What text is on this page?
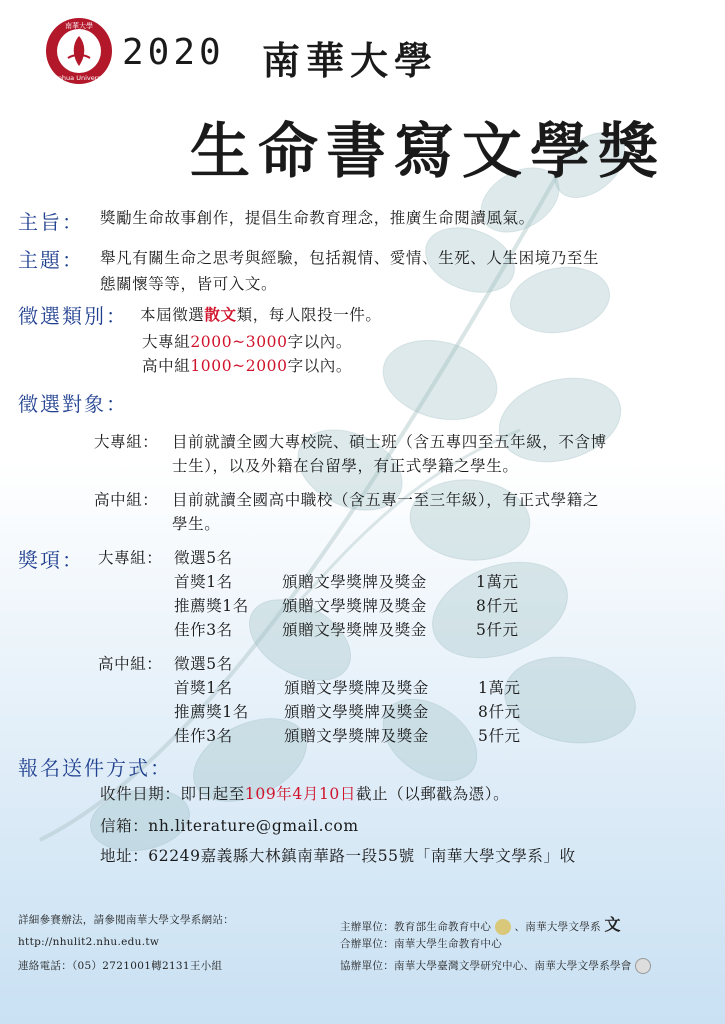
南華大學
Nanhua University
2020 南華大學
生命書寫文學獎
主旨： 獎勵生命故事創作，提倡生命教育理念，推廣生命閱讀風氣。
主題： 舉凡有關生命之思考與經驗，包括親情、愛情、生死、人生困境乃至生
態關懷等等，皆可入文。
徵選類別： 本屆徵選散文類，每人限投一件。
大專組2000~3000字以內。
高中組1000~2000字以內。
徵選對象：
大專組： 目前就讀全國大專校院、碩士班（含五專四至五年級，不含博
士生），以及外籍在台留學，有正式學籍之學生。
高中組： 目前就讀全國高中職校（含五專一至三年級），有正式學籍之
學生。
獎項： 大專組： 徵選5名
首獎1名	頒贈文學獎牌及獎金	1萬元
推薦獎1名 頒贈文學獎牌及獎金	8仟元
佳作3名	頒贈文學獎牌及獎金	5仟元
高中組： 徵選5名
首獎1名	頒贈文學獎牌及獎金	1萬元
推薦獎1名 頒贈文學獎牌及獎金	8仟元
佳作3名	頒贈文學獎牌及獎金	5仟元
報名送件方式：
收件日期：即日起至109年4月10日截止（以郵戳為憑）。
信箱：nh.literature@gmail.com
地址：62249嘉義縣大林鎮南華路一段55號「南華大學文學系」收
詳細參賽辦法，請參閱南華大學文學系網站：
http://nhulit2.nhu.edu.tw
連絡電話：（05）2721001轉2131王小組
主辦單位：教育部生命教育中心 、南華大學文學系 文
合辦單位：南華大學生命教育中心
協辦單位：南華大學臺灣文學研究中心、南華大學文學系學會
